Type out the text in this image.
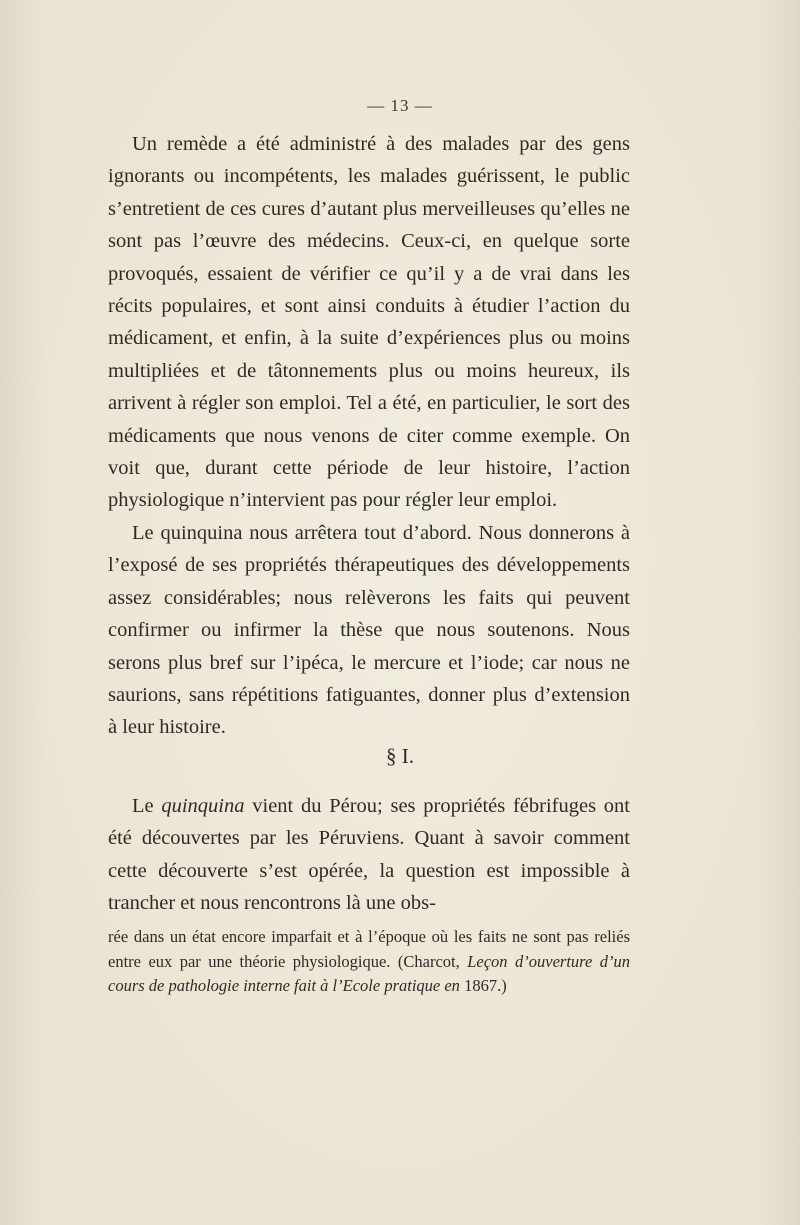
— 13 —

Un remède a été administré à des malades par des gens ignorants ou incompétents, les malades guérissent, le public s’entretient de ces cures d’autant plus merveilleuses qu’elles ne sont pas l’œuvre des médecins. Ceux-ci, en quelque sorte provoqués, essaient de vérifier ce qu’il y a de vrai dans les récits populaires, et sont ainsi conduits à étudier l’action du médicament, et enfin, à la suite d’expériences plus ou moins multipliées et de tâtonnements plus ou moins heureux, ils arrivent à régler son emploi. Tel a été, en particulier, le sort des médicaments que nous venons de citer comme exemple. On voit que, durant cette période de leur histoire, l’action physiologique n’intervient pas pour régler leur emploi.

Le quinquina nous arrêtera tout d’abord. Nous donnerons à l’exposé de ses propriétés thérapeutiques des développements assez considérables; nous relèverons les faits qui peuvent confirmer ou infirmer la thèse que nous soutenons. Nous serons plus bref sur l’ipéca, le mercure et l’iode; car nous ne saurions, sans répétitions fatiguantes, donner plus d’extension à leur histoire.

§ I.

Le quinquina vient du Pérou; ses propriétés fébrifuges ont été découvertes par les Péruviens. Quant à savoir comment cette découverte s’est opérée, la question est impossible à trancher et nous rencontrons là une obs-

rée dans un état encore imparfait et à l’époque où les faits ne sont pas reliés entre eux par une théorie physiologique. (Charcot, Leçon d’ouverture d’un cours de pathologie interne fait à l’Ecole pratique en 1867.)
